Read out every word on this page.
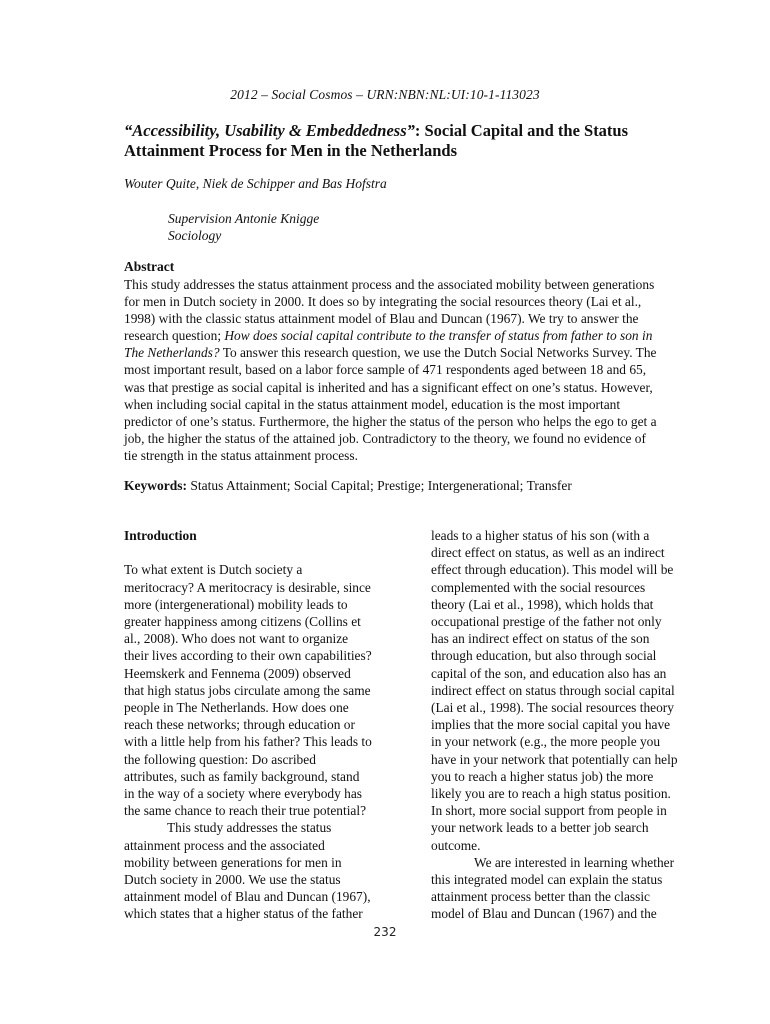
2012 – Social Cosmos – URN:NBN:NL:UI:10-1-113023
“Accessibility, Usability & Embeddedness”: Social Capital and the Status
Attainment Process for Men in the Netherlands
Wouter Quite, Niek de Schipper and Bas Hofstra
Supervision Antonie Knigge
Sociology
Abstract
This study addresses the status attainment process and the associated mobility between generations
for men in Dutch society in 2000. It does so by integrating the social resources theory (Lai et al.,
1998) with the classic status attainment model of Blau and Duncan (1967). We try to answer the
research question; How does social capital contribute to the transfer of status from father to son in
The Netherlands? To answer this research question, we use the Dutch Social Networks Survey. The
most important result, based on a labor force sample of 471 respondents aged between 18 and 65,
was that prestige as social capital is inherited and has a significant effect on one’s status. However,
when including social capital in the status attainment model, education is the most important
predictor of one’s status. Furthermore, the higher the status of the person who helps the ego to get a
job, the higher the status of the attained job. Contradictory to the theory, we found no evidence of
tie strength in the status attainment process.
Keywords: Status Attainment; Social Capital; Prestige; Intergenerational; Transfer
Introduction
To what extent is Dutch society a
meritocracy? A meritocracy is desirable, since
more (intergenerational) mobility leads to
greater happiness among citizens (Collins et
al., 2008). Who does not want to organize
their lives according to their own capabilities?
Heemskerk and Fennema (2009) observed
that high status jobs circulate among the same
people in The Netherlands. How does one
reach these networks; through education or
with a little help from his father? This leads to
the following question: Do ascribed
attributes, such as family background, stand
in the way of a society where everybody has
the same chance to reach their true potential?
This study addresses the status
attainment process and the associated
mobility between generations for men in
Dutch society in 2000. We use the status
attainment model of Blau and Duncan (1967),
which states that a higher status of the father
leads to a higher status of his son (with a
direct effect on status, as well as an indirect
effect through education). This model will be
complemented with the social resources
theory (Lai et al., 1998), which holds that
occupational prestige of the father not only
has an indirect effect on status of the son
through education, but also through social
capital of the son, and education also has an
indirect effect on status through social capital
(Lai et al., 1998). The social resources theory
implies that the more social capital you have
in your network (e.g., the more people you
have in your network that potentially can help
you to reach a higher status job) the more
likely you are to reach a high status position.
In short, more social support from people in
your network leads to a better job search
outcome.
We are interested in learning whether
this integrated model can explain the status
attainment process better than the classic
model of Blau and Duncan (1967) and the
232
